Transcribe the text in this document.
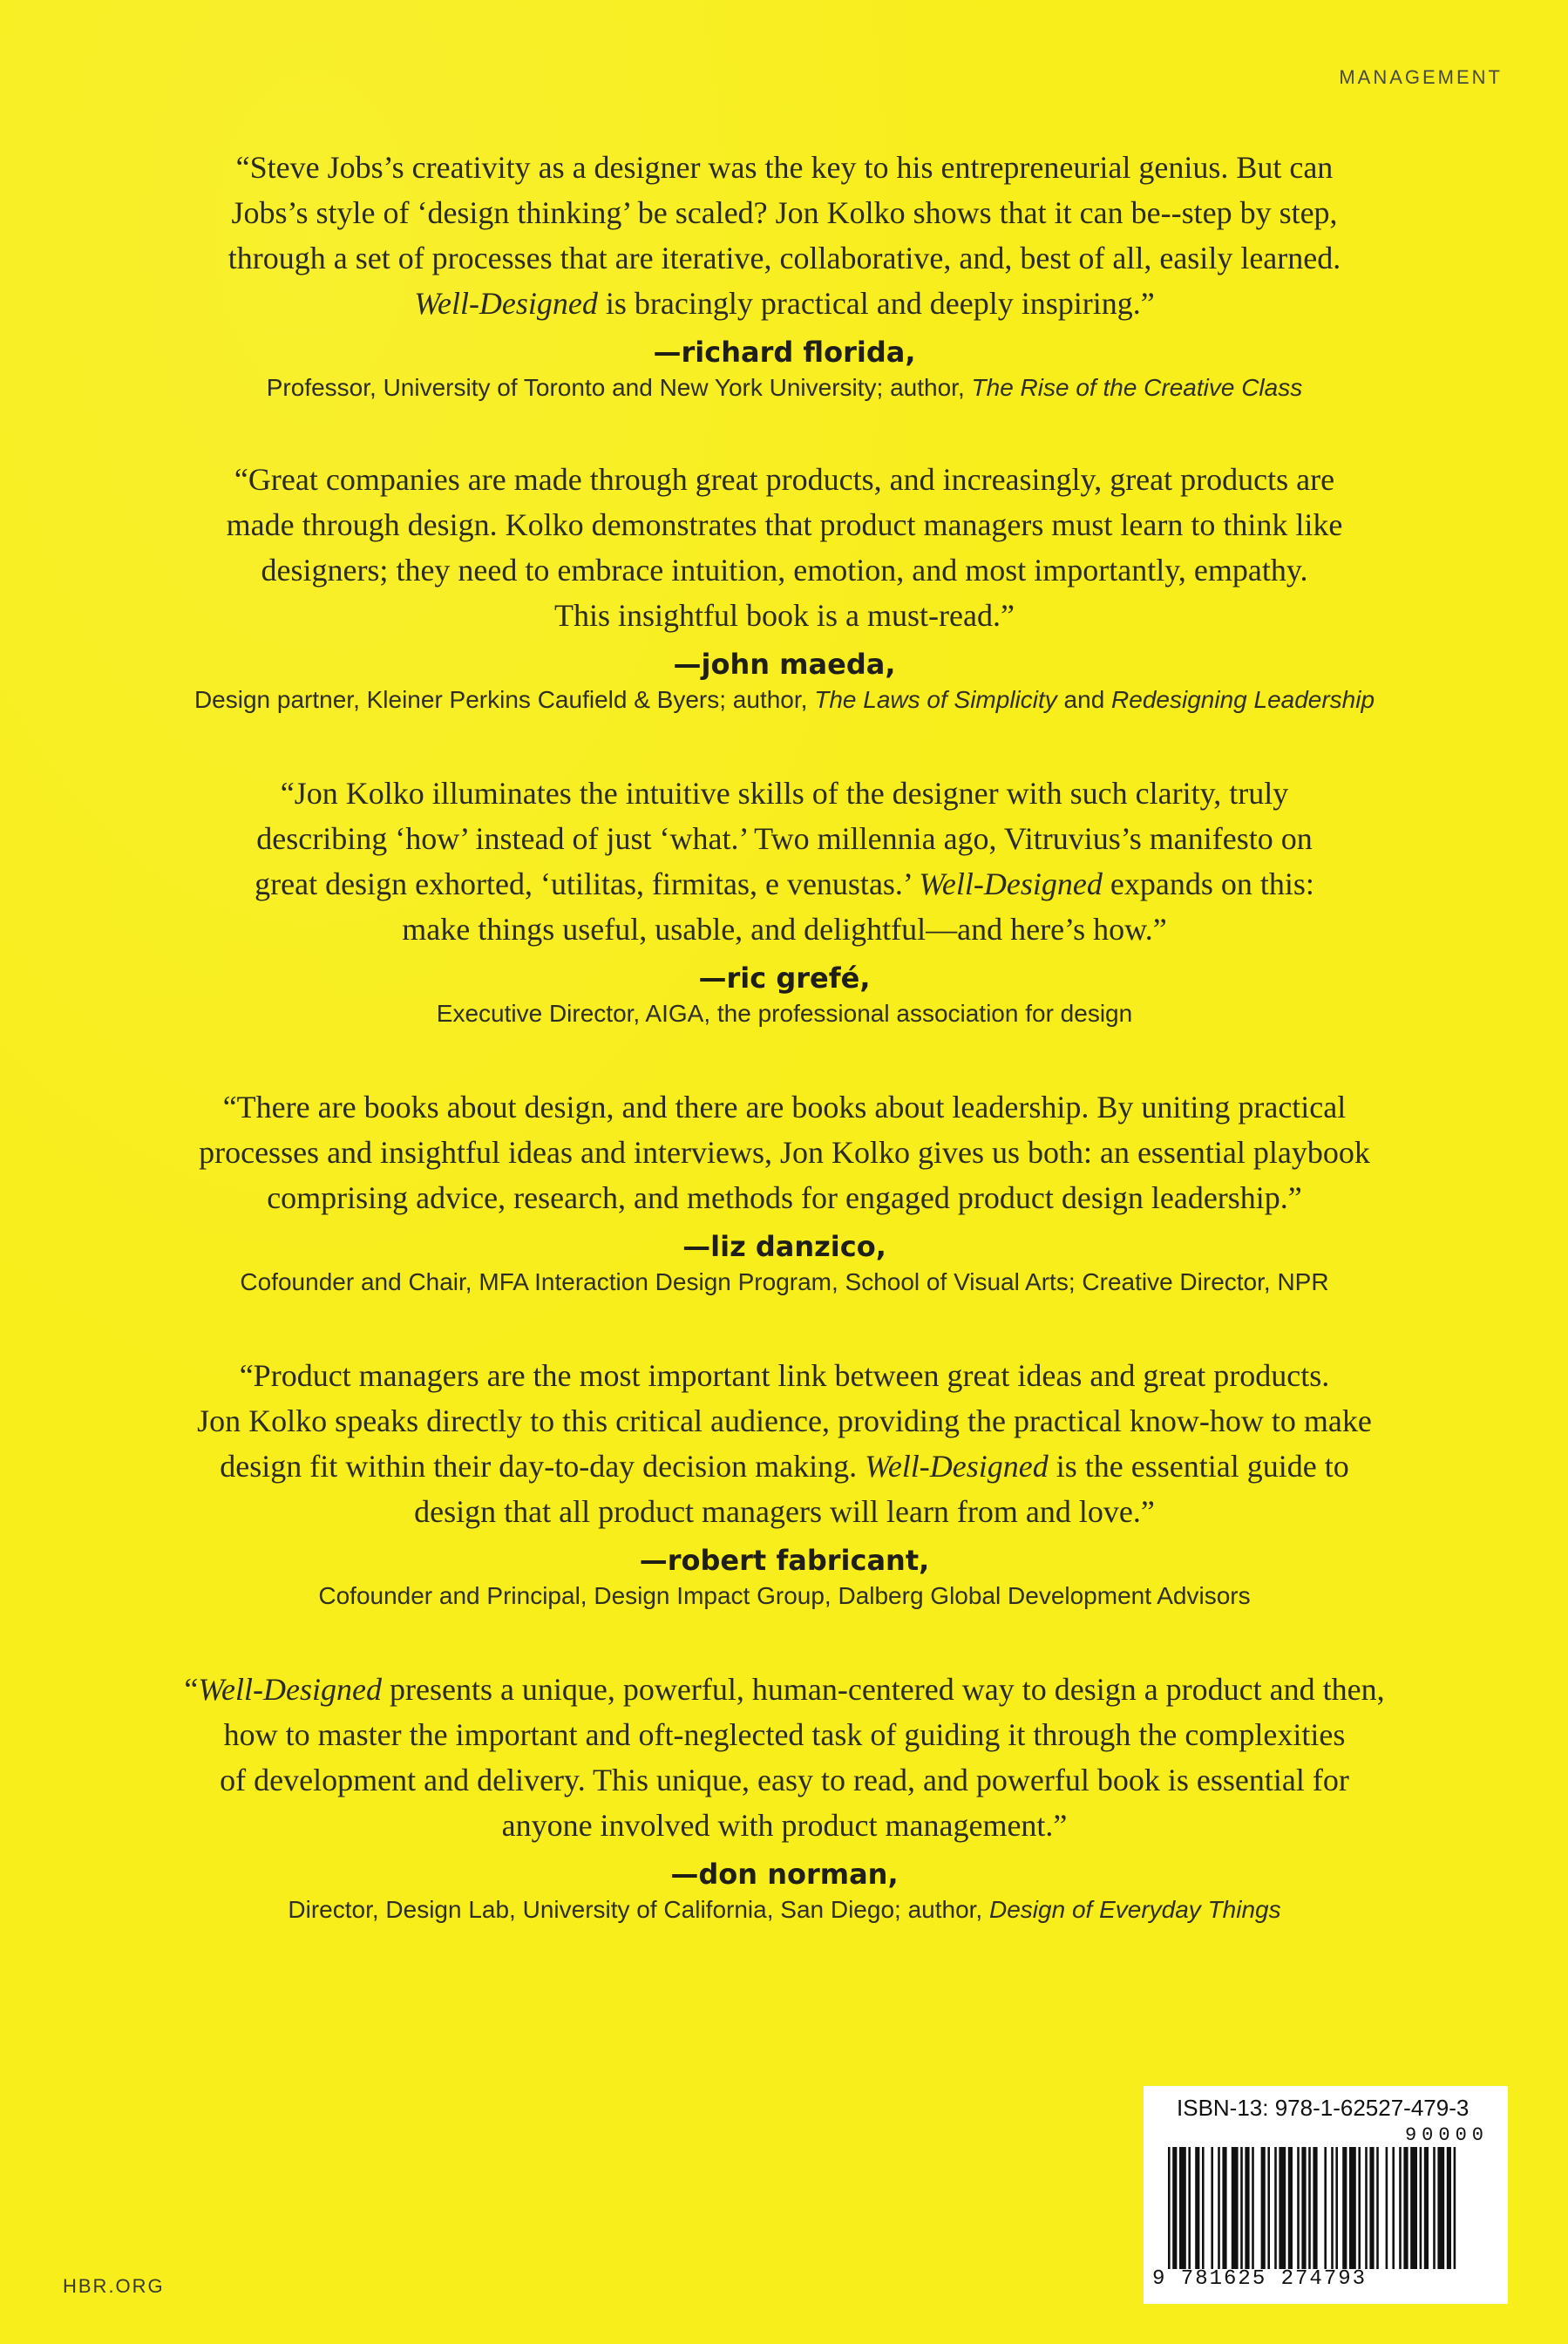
MANAGEMENT

“Steve Jobs’s creativity as a designer was the key to his entrepreneurial genius. But can
Jobs’s style of ‘design thinking’ be scaled? Jon Kolko shows that it can be--step by step,
through a set of processes that are iterative, collaborative, and, best of all, easily learned.
Well-Designed is bracingly practical and deeply inspiring.”

—richard florida,
Professor, University of Toronto and New York University; author, The Rise of the Creative Class

“Great companies are made through great products, and increasingly, great products are
made through design. Kolko demonstrates that product managers must learn to think like
designers; they need to embrace intuition, emotion, and most importantly, empathy.
This insightful book is a must-read.”

—john maeda,
Design partner, Kleiner Perkins Caufield & Byers; author, The Laws of Simplicity and Redesigning Leadership

“Jon Kolko illuminates the intuitive skills of the designer with such clarity, truly
describing ‘how’ instead of just ‘what.’ Two millennia ago, Vitruvius’s manifesto on
great design exhorted, ‘utilitas, firmitas, e venustas.’ Well-Designed expands on this:
make things useful, usable, and delightful—and here’s how.”

—ric grefé,
Executive Director, AIGA, the professional association for design

“There are books about design, and there are books about leadership. By uniting practical
processes and insightful ideas and interviews, Jon Kolko gives us both: an essential playbook
comprising advice, research, and methods for engaged product design leadership.”

—liz danzico,
Cofounder and Chair, MFA Interaction Design Program, School of Visual Arts; Creative Director, NPR

“Product managers are the most important link between great ideas and great products.
Jon Kolko speaks directly to this critical audience, providing the practical know-how to make
design fit within their day-to-day decision making. Well-Designed is the essential guide to
design that all product managers will learn from and love.”

—robert fabricant,
Cofounder and Principal, Design Impact Group, Dalberg Global Development Advisors

“Well-Designed presents a unique, powerful, human-centered way to design a product and then,
how to master the important and oft-neglected task of guiding it through the complexities
of development and delivery. This unique, easy to read, and powerful book is essential for
anyone involved with product management.”

—don norman,
Director, Design Lab, University of California, San Diego; author, Design of Everyday Things
ISBN-13: 978-1-62527-479-3
90000
9 781625 274793
HBR.ORG
